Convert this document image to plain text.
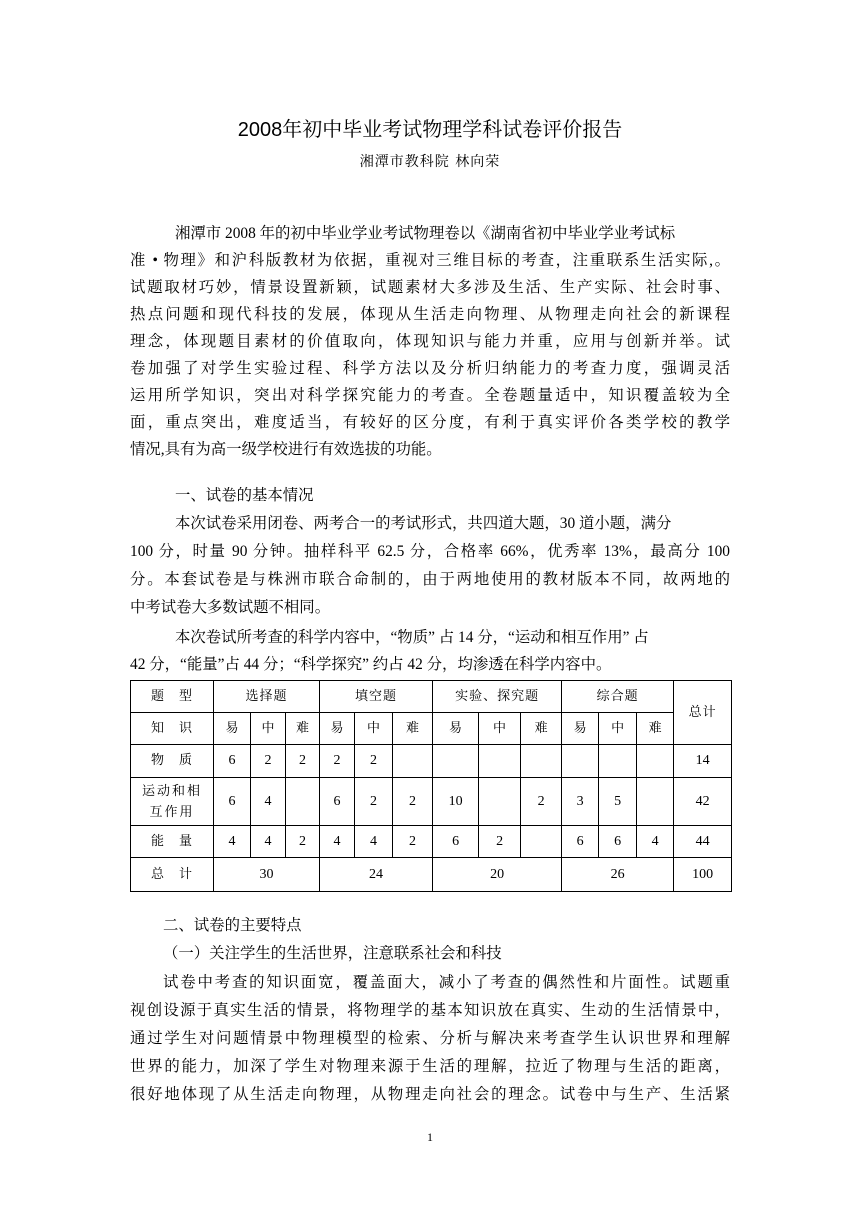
2008年初中毕业考试物理学科试卷评价报告
湘潭市教科院 林向荣
湘潭市 2008 年的初中毕业学业考试物理卷以《湖南省初中毕业学业考试标
准 • 物理》和沪科版教材为依据，重视对三维目标的考查，注重联系生活实际,。
试题取材巧妙，情景设置新颖，试题素材大多涉及生活、生产实际、社会时事、
热点问题和现代科技的发展，体现从生活走向物理、从物理走向社会的新课程
理念，体现题目素材的价值取向，体现知识与能力并重，应用与创新并举。试
卷加强了对学生实验过程、科学方法以及分析归纳能力的考查力度，强调灵活
运用所学知识，突出对科学探究能力的考查。全卷题量适中，知识覆盖较为全
面，重点突出，难度适当，有较好的区分度，有利于真实评价各类学校的教学
情况,具有为高一级学校进行有效选拔的功能。
一、试卷的基本情况
本次试卷采用闭卷、两考合一的考试形式，共四道大题，30 道小题，满分
100 分，时量 90 分钟。抽样科平 62.5 分，合格率 66%，优秀率 13%，最高分 100
分。本套试卷是与株洲市联合命制的，由于两地使用的教材版本不同，故两地的
中考试卷大多数试题不相同。
本次卷试所考查的科学内容中，“物质” 占 14 分，“运动和相互作用” 占
42 分，“能量”占 44 分；“科学探究” 约占 42 分，均渗透在科学内容中。
题　型	选择题			填空题			实验、探究题			综合题			总计
知　识	易	中	难	易	中	难	易	中	难	易	中	难	
物　质	6	2	2	2	2								14
运动和相互作用	6	4		6	2	2	10		2	3	5		42
能　量	4	4	2	4	4	2	6	2		6	6	4	44
总　计	30			24			20			26			100
二、试卷的主要特点
（一）关注学生的生活世界，注意联系社会和科技
试卷中考查的知识面宽，覆盖面大，减小了考查的偶然性和片面性。试题重
视创设源于真实生活的情景，将物理学的基本知识放在真实、生动的生活情景中，
通过学生对问题情景中物理模型的检索、分析与解决来考查学生认识世界和理解
世界的能力，加深了学生对物理来源于生活的理解，拉近了物理与生活的距离，
很好地体现了从生活走向物理，从物理走向社会的理念。试卷中与生产、生活紧
1
